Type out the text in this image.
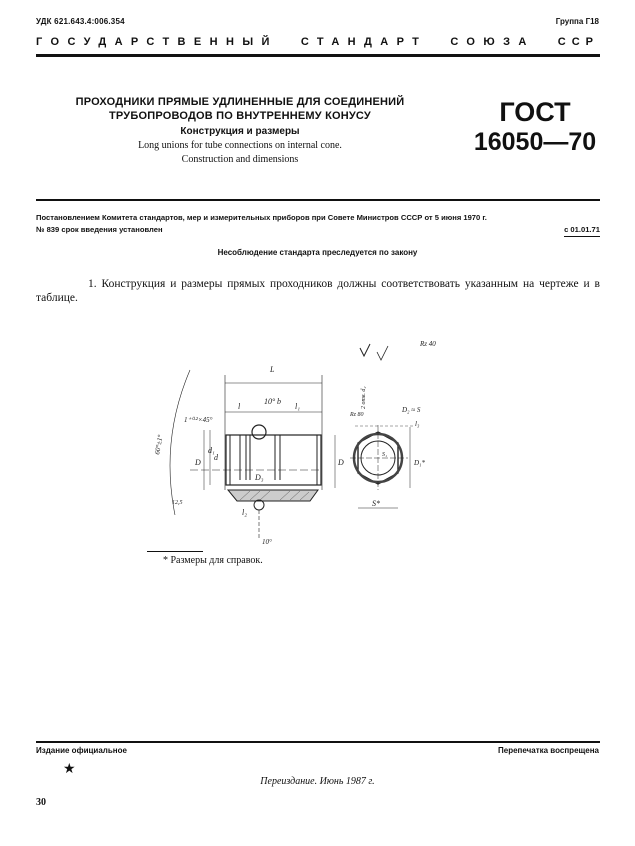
УДК 621.643.4:006.354	Группа Г18
ГОСУДАРСТВЕННЫЙ СТАНДАРТ СОЮЗА ССР
ПРОХОДНИКИ ПРЯМЫЕ УДЛИНЕННЫЕ ДЛЯ СОЕДИНЕНИЙ
ТРУБОПРОВОДОВ ПО ВНУТРЕННЕМУ КОНУСУ
Конструкция и размеры
Long unions for tube connections on internal cone.
Construction and dimensions
ГОСТ
16050—70
Постановлением Комитета стандартов, мер и измерительных приборов при Совете Министров СССР от 5 июня 1970 г.
№ 839 срок введения установлен	с 01.01.71
Несоблюдение стандарта преследуется по закону
1. Конструкция и размеры прямых проходников должны соответствовать указанным на чертеже и в таблице.
L
l	l₁
10° b
1⁺⁰·²×45°
D
d₁
d
D₃
D
l₂
10°
60°±1°
12,5
Rz 40
Rz 80
2 отв. d₂
D₂ ≈ S
l₃
D₁*
S*
S₁
* Размеры для справок.
Издание официальное	Перепечатка воспрещена
★
Переиздание. Июнь 1987 г.
30
